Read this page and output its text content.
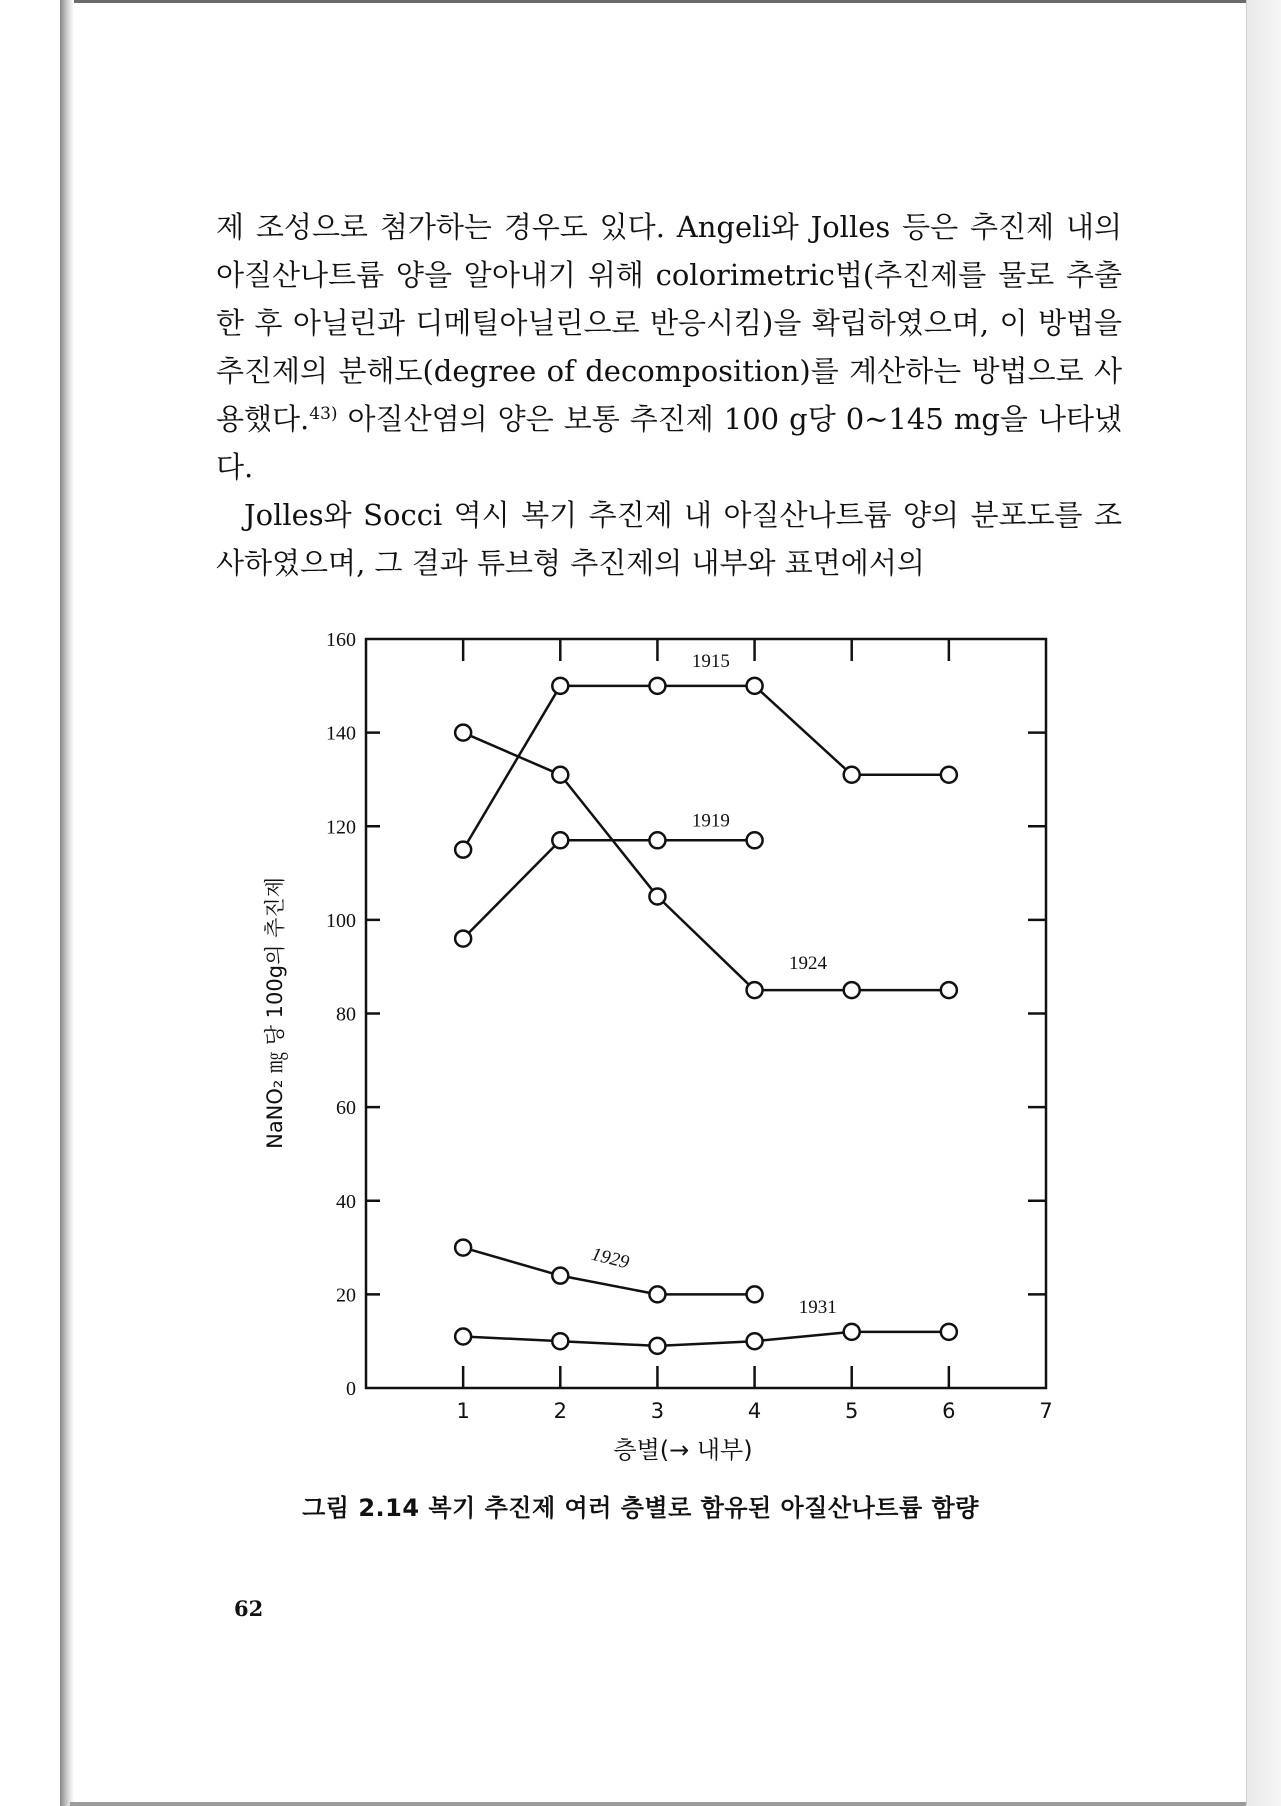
제 조성으로 첨가하는 경우도 있다. Angeli와 Jolles 등은 추진제 내의 아질산나트륨 양을 알아내기 위해 colorimetric법(추진제를 물로 추출한 후 아닐린과 디메틸아닐린으로 반응시킴)을 확립하였으며, 이 방법을 추진제의 분해도(degree of decomposition)를 계산하는 방법으로 사용했다.$^{43)}$ 아질산염의 양은 보통 추진제 100 g당 0~145 mg을 나타냈다.

Jolles와 Socci 역시 복기 추진제 내 아질산나트륨 양의 분포도를 조사하였으며, 그 결과 튜브형 추진제의 내부와 표면에서의

0
20
40
60
80
100
120
140
160
1	2	3	4	5	6	7
1915
1919
1924
1929
1931
층별(→ 내부)
NaNO₂ ㎎ 당 100g의 추진제
그림 2.14 복기 추진제 여러 층별로 함유된 아질산나트륨 함량
62
